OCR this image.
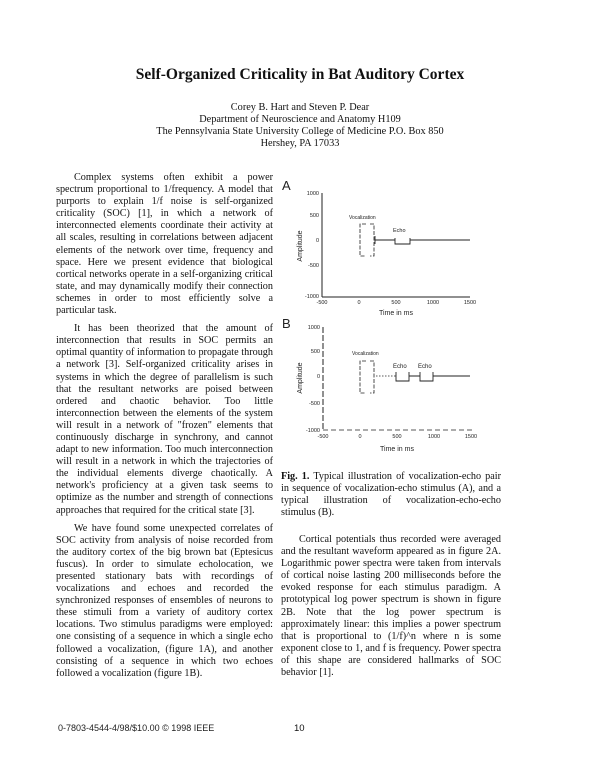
Self-Organized Criticality in Bat Auditory Cortex
Corey B. Hart and Steven P. Dear
Department of Neuroscience and Anatomy H109
The Pennsylvania State University College of Medicine P.O. Box 850
Hershey, PA 17033

Complex systems often exhibit a power spectrum proportional to 1/frequency. A model that purports to explain 1/f noise is self-organized criticality (SOC) [1], in which a network of interconnected elements coordinate their activity at all scales, resulting in correlations between adjacent elements of the network over time, frequency and space. Here we present evidence that biological cortical networks operate in a self-organizing critical state, and may dynamically modify their connection schemes in order to most efficiently solve a particular task.

It has been theorized that the amount of interconnection that results in SOC permits an optimal quantity of information to propagate through a network [3]. Self-organized criticality arises in systems in which the degree of parallelism is such that the resultant networks are poised between ordered and chaotic behavior. Too little interconnection between the elements of the system will result in a network of "frozen" elements that continuously discharge in synchrony, and cannot adapt to new information. Too much interconnection will result in a network in which the trajectories of the individual elements diverge chaotically. A network's proficiency at a given task seems to optimize as the number and strength of connections approaches that required for the critical state [3].

We have found some unexpected correlates of SOC activity from analysis of noise recorded from the auditory cortex of the big brown bat (Eptesicus fuscus). In order to simulate echolocation, we presented stationary bats with recordings of vocalizations and echoes and recorded the synchronized responses of ensembles of neurons to these stimuli from a variety of auditory cortex locations. Two stimulus paradigms were employed: one consisting of a sequence in which a single echo followed a vocalization, (figure 1A), and another consisting of a sequence in which two echoes followed a vocalization (figure 1B).

A
1000
500
0
-500
-1000
-500	0	500	1000	1500
Time in ms
Amplitude
Vocalization
Echo
B	1000
500
0
-500
-1000
-500	0	500	1000	1500
Time in ms
Amplitude
Vocalization
Echo Echo
Fig. 1. Typical illustration of vocalization-echo pair in sequence of vocalization-echo stimulus (A), and a typical illustration of vocalization-echo-echo stimulus (B).

Cortical potentials thus recorded were averaged and the resultant waveform appeared as in figure 2A. Logarithmic power spectra were taken from intervals of cortical noise lasting 200 milliseconds before the evoked response for each stimulus paradigm. A prototypical log power spectrum is shown in figure 2B. Note that the log power spectrum is approximately linear: this implies a power spectrum that is proportional to (1/f)^n where n is some exponent close to 1, and f is frequency. Power spectra of this shape are considered hallmarks of SOC behavior [1].

0-7803-4544-4/98/$10.00 © 1998 IEEE	10
